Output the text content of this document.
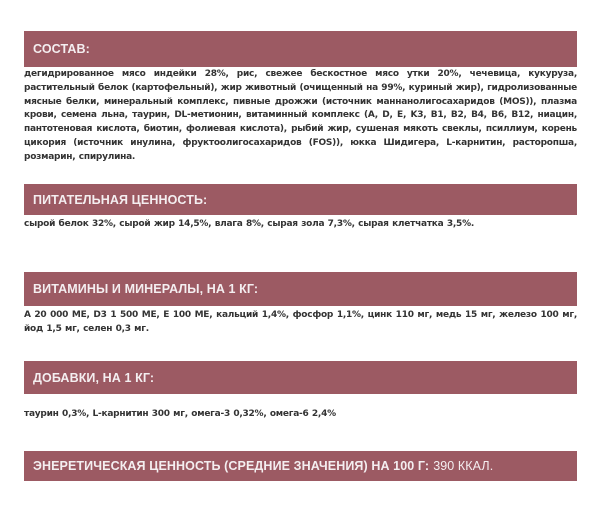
СОСТАВ:
дегидрированное мясо индейки 28%, рис, свежее бескостное мясо утки 20%, чечевица, кукуруза, растительный белок (картофельный), жир животный (очищенный на 99%, куриный жир), гидролизованные мясные белки, минеральный комплекс, пивные дрожжи (источник маннанолигосахаридов (MOS)), плазма крови, семена льна, таурин, DL-метионин, витаминный комплекс (A, D, E, K3, B1, B2, B4, B6, B12, ниацин, пантотеновая кислота, биотин, фолиевая кислота), рыбий жир, сушеная мякоть свеклы, псиллиум, корень цикория (источник инулина, фруктоолигосахаридов (FOS)), юкка Шидигера, L-карнитин, расторопша, розмарин, спирулина.
ПИТАТЕЛЬНАЯ ЦЕННОСТЬ:
сырой белок 32%, сырой жир 14,5%, влага 8%, сырая зола 7,3%, сырая клетчатка 3,5%.
ВИТАМИНЫ И МИНЕРАЛЫ, НА 1 КГ:
A 20 000 ME, D3 1 500 ME, E 100 ME, кальций 1,4%, фосфор 1,1%, цинк 110 мг, медь 15 мг, железо 100 мг, йод 1,5 мг, селен 0,3 мг.
ДОБАВКИ, НА 1 КГ:
таурин 0,3%, L-карнитин 300 мг, омега-3 0,32%, омега-6 2,4%
ЭНЕРЕТИЧЕСКАЯ ЦЕННОСТЬ (СРЕДНИЕ ЗНАЧЕНИЯ) НА 100 Г: 390 ККАЛ.
